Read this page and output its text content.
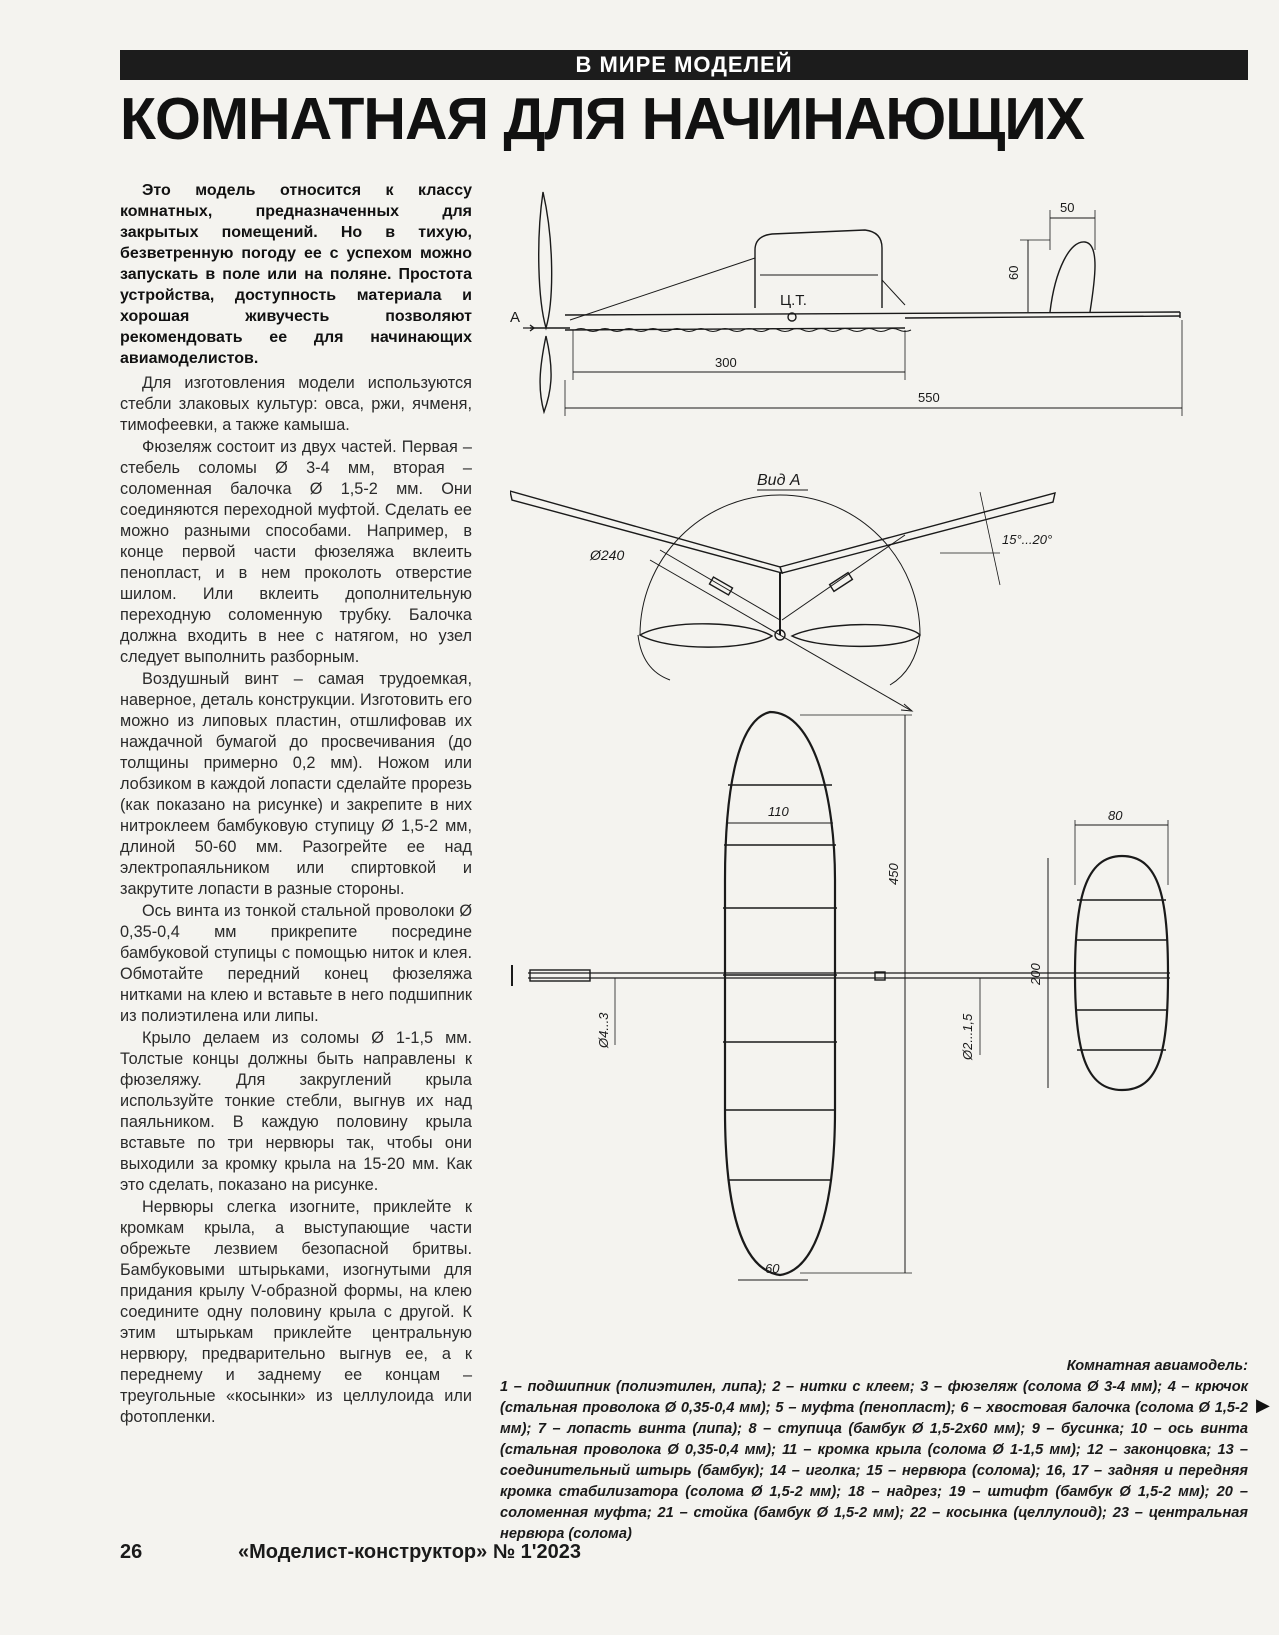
В МИРЕ МОДЕЛЕЙ
КОМНАТНАЯ ДЛЯ НАЧИНАЮЩИХ

Это модель относится к классу комнатных, предназначенных для закрытых помещений. Но в тихую, безветренную погоду ее с успехом можно запускать в поле или на поляне. Простота устройства, доступность материала и хорошая живучесть позволяют рекомендовать ее для начинающих авиамоделистов.

Для изготовления модели используются стебли злаковых культур: овса, ржи, ячменя, тимофеевки, а также камыша.

Фюзеляж состоит из двух частей. Первая – стебель соломы Ø 3-4 мм, вторая – соломенная балочка Ø 1,5-2 мм. Они соединяются переходной муфтой. Сделать ее можно разными способами. Например, в конце первой части фюзеляжа вклеить пенопласт, и в нем проколоть отверстие шилом. Или вклеить дополнительную переходную соломенную трубку. Балочка должна входить в нее с натягом, но узел следует выполнить разборным.

Воздушный винт – самая трудоемкая, наверное, деталь конструкции. Изготовить его можно из липовых пластин, отшлифовав их наждачной бумагой до просвечивания (до толщины примерно 0,2 мм). Ножом или лобзиком в каждой лопасти сделайте прорезь (как показано на рисунке) и закрепите в них нитроклеем бамбуковую ступицу Ø 1,5-2 мм, длиной 50-60 мм. Разогрейте ее над электропаяльником или спиртовкой и закрутите лопасти в разные стороны.

Ось винта из тонкой стальной проволоки Ø 0,35-0,4 мм прикрепите посредине бамбуковой ступицы с помощью ниток и клея. Обмотайте передний конец фюзеляжа нитками на клею и вставьте в него подшипник из полиэтилена или липы.

Крыло делаем из соломы Ø 1-1,5 мм. Толстые концы должны быть направлены к фюзеляжу. Для закруглений крыла используйте тонкие стебли, выгнув их над паяльником. В каждую половину крыла вставьте по три нервюры так, чтобы они выходили за кромку крыла на 15-20 мм. Как это сделать, показано на рисунке.

Нервюры слегка изогните, приклейте к кромкам крыла, а выступающие части обрежьте лезвием безопасной бритвы. Бамбуковыми штырьками, изогнутыми для придания крылу V-образной формы, на клею соедините одну половину крыла с другой. К этим штырькам приклейте центральную нервюру, предварительно выгнув ее, а к переднему и заднему ее концам – треугольные «косынки» из целлулоида или фотопленки.

A
Ц.Т.
50
60
300
550
Вид A
Ø240
15°...20°
110
450
60
80
200
Ø4...3	Ø2...1,5
Комнатная авиамодель:
1 – подшипник (полиэтилен, липа); 2 – нитки с клеем; 3 – фюзеляж (солома Ø 3-4 мм); 4 – крючок (стальная проволока Ø 0,35-0,4 мм); 5 – муфта (пенопласт); 6 – хвостовая балочка (солома Ø 1,5-2 мм); 7 – лопасть винта (липа); 8 – ступица (бамбук Ø 1,5-2х60 мм); 9 – бусинка; 10 – ось винта (стальная проволока Ø 0,35-0,4 мм); 11 – кромка крыла (солома Ø 1-1,5 мм); 12 – законцовка; 13 – соединительный штырь (бамбук); 14 – иголка; 15 – нервюра (солома); 16, 17 – задняя и передняя кромка стабилизатора (солома Ø 1,5-2 мм); 18 – надрез; 19 – штифт (бамбук Ø 1,5-2 мм); 20 – соломенная муфта; 21 – стойка (бамбук Ø 1,5-2 мм); 22 – косынка (целлулоид); 23 – центральная нервюра (солома)
▶
26	«Моделист-конструктор» № 1'2023
